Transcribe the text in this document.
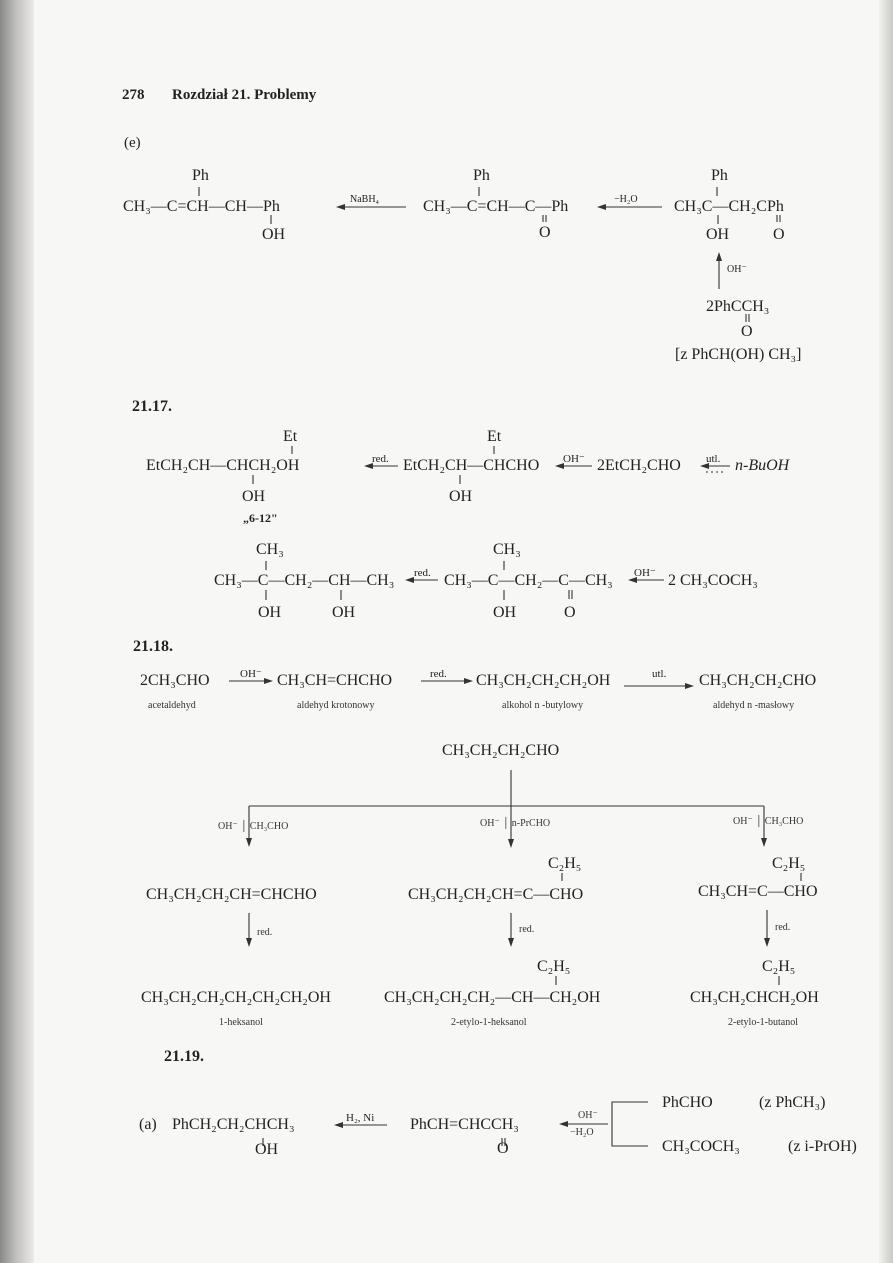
278 Rozdział 21. Problemy
(e)
Ph
CH₃—C=CH—CH—Ph
OH
NaBH₄
Ph
CH₃—C=CH—C—Ph
O
−H₂O
Ph
CH₃C—CH₂CPh
OH	O
OH⁻
2PhCCH₃
O
[z PhCH(OH) CH₃]
21.17.
Et
EtCH₂CH—CHCH₂OH	red. EtCH₂CH—CHCHO
Et
OH⁻ 2EtCH₂CHO utl. n-BuOH
OH	OH
„6-12"
CH₃
CH₃—C—CH₂—CH—CH₃ red. CH₃—C—CH₂—C—CH₃
CH₃
OH⁻ 2 CH₃COCH₃
OH	OH	OH	O
21.18.
2CH₃CHO
acetaldehyd
OH⁻ CH₃CH=CHCHO
aldehyd krotonowy
red. CH₃CH₂CH₂CH₂OH
alkohol n -butylowy
utl. CH₃CH₂CH₂CHO
aldehyd n -masłowy
CH₃CH₂CH₂CHO
OH⁻ │ CH₃CHO	OH⁻ │ n-PrCHO	OH⁻ │ CH₃CHO
CH₃CH₂CH₂CH=CHCHO
C₂H₅
CH₃CH₂CH₂CH=C—CHO
C₂H₅
CH₃CH=C—CHO
red.	red.	red.
CH₃CH₂CH₂CH₂CH₂CH₂OH
1-heksanol
C₂H₅
CH₃CH₂CH₂CH₂—CH—CH₂OH
2-etylo-1-heksanol
C₂H₅
CH₃CH₂CHCH₂OH
2-etylo-1-butanol
21.19.
(a) PhCH₂CH₂CHCH₃
OH
H₂, Ni PhCH=CHCCH₃
O
OH⁻
−H₂O
PhCHO	(z PhCH₃)
CH₃COCH₃	(z i-PrOH)
